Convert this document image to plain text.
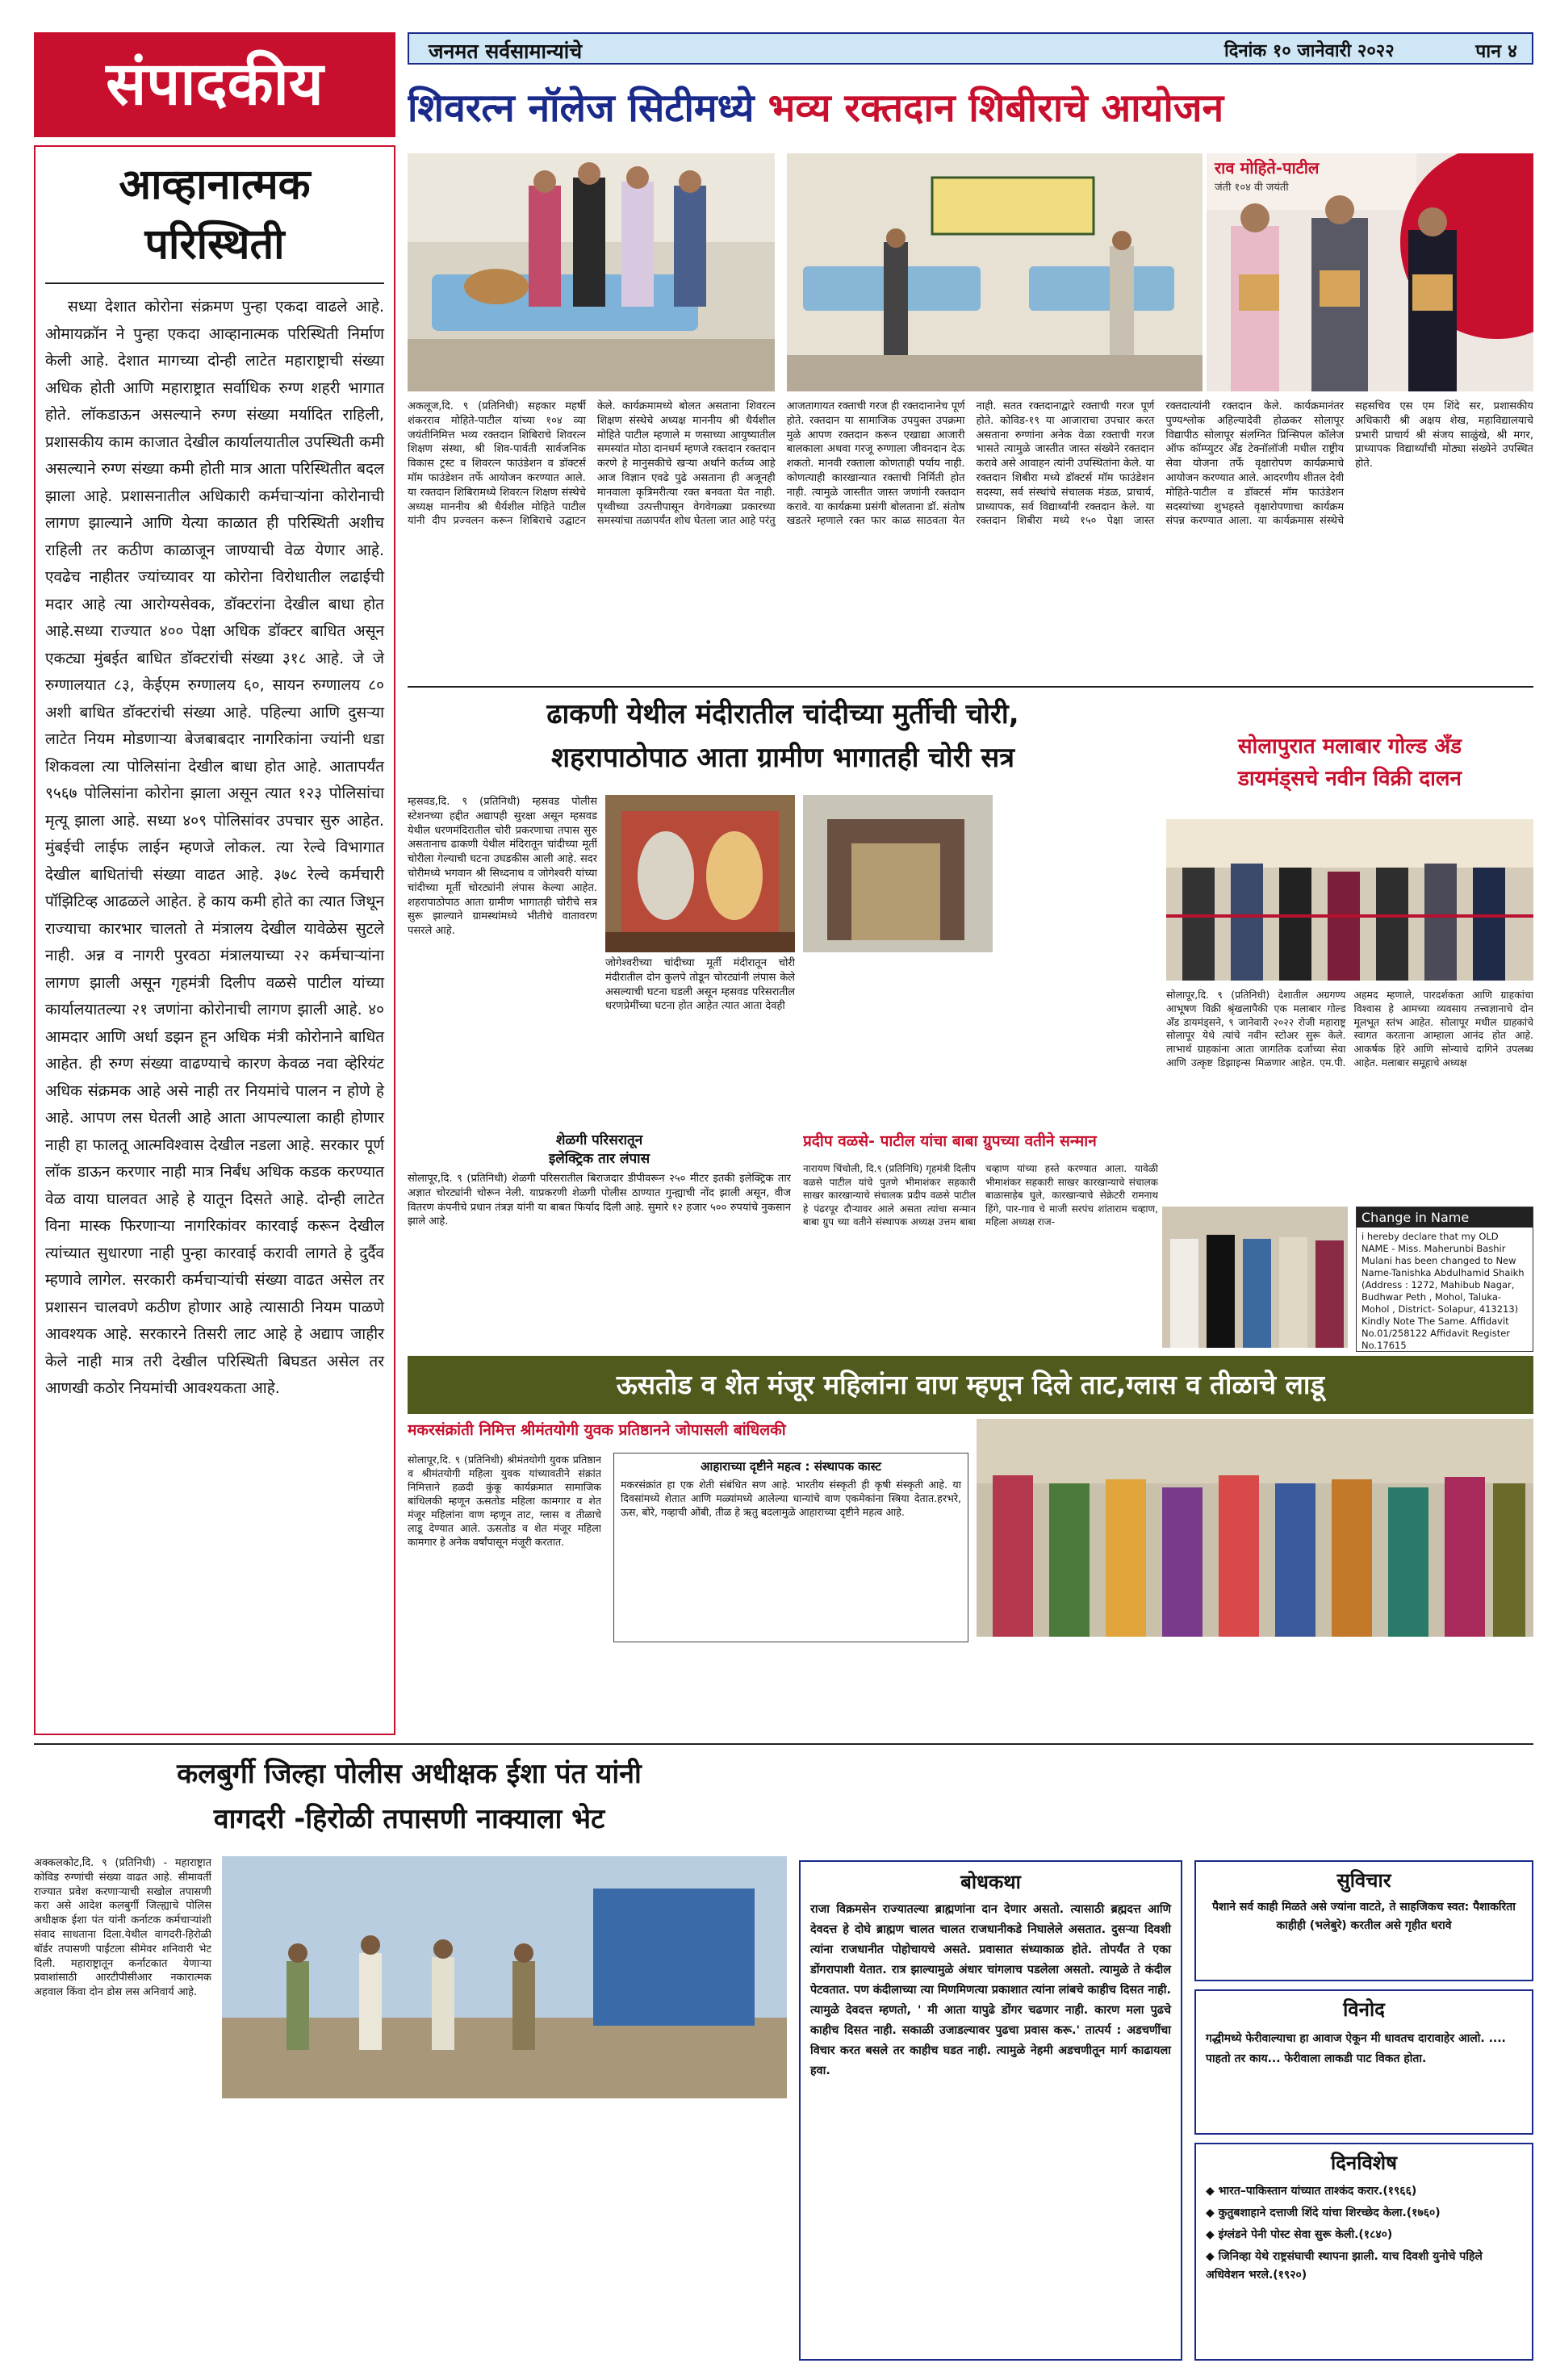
जनमत सर्वसामान्यांचे	दिनांक १० जानेवारी २०२२	पान ४
संपादकीय
आव्हानात्मक
परिस्थिती
सध्या देशात कोरोना संक्रमण पुन्हा एकदा वाढले आहे. ओमायक्रॉन ने पुन्हा एकदा आव्हानात्मक परिस्थिती निर्माण केली आहे. देशात मागच्या दोन्ही लाटेत महाराष्ट्राची संख्या अधिक होती आणि महाराष्ट्रात सर्वाधिक रुग्ण शहरी भागात होते. लॉकडाऊन असल्याने रुग्ण संख्या मर्यादित राहिली, प्रशासकीय काम काजात देखील कार्यालयातील उपस्थिती कमी असल्याने रुग्ण संख्या कमी होती मात्र आता परिस्थितीत बदल झाला आहे. प्रशासनातील अधिकारी कर्मचाऱ्यांना कोरोनाची लागण झाल्याने आणि येत्या काळात ही परिस्थिती अशीच राहिली तर कठीण काळाजून जाण्याची वेळ येणार आहे. एवढेच नाहीतर ज्यांच्यावर या कोरोना विरोधातील लढाईची मदार आहे त्या आरोग्यसेवक, डॉक्टरांना देखील बाधा होत आहे.सध्या राज्यात ४०० पेक्षा अधिक डॉक्टर बाधित असून एकट्या मुंबईत बाधित डॉक्टरांची संख्या ३१८ आहे. जे जे रुग्णालयात ८३, केईएम रुग्णालय ६०, सायन रुग्णालय ८० अशी बाधित डॉक्टरांची संख्या आहे. पहिल्या आणि दुसऱ्या लाटेत नियम मोडणाऱ्या बेजबाबदार नागरिकांना ज्यांनी धडा शिकवला त्या पोलिसांना देखील बाधा होत आहे. आतापर्यंत ९५६७ पोलिसांना कोरोना झाला असून त्यात १२३ पोलिसांचा मृत्यू झाला आहे. सध्या ४०९ पोलिसांवर उपचार सुरु आहेत. मुंबईची लाईफ लाईन म्हणजे लोकल. त्या रेल्वे विभागात देखील बाधितांची संख्या वाढत आहे. ३७८ रेल्वे कर्मचारी पॉझिटिव्ह आढळले आहेत. हे काय कमी होते का त्यात जिथून राज्याचा कारभार चालतो ते मंत्रालय देखील यावेळेस सुटले नाही. अन्न व नागरी पुरवठा मंत्रालयाच्या २२ कर्मचाऱ्यांना लागण झाली असून गृहमंत्री दिलीप वळसे पाटील यांच्या कार्यालयातल्या २१ जणांना कोरोनाची लागण झाली आहे. ४० आमदार आणि अर्धा डझन हून अधिक मंत्री कोरोनाने बाधित आहेत. ही रुग्ण संख्या वाढण्याचे कारण केवळ नवा व्हेरियंट अधिक संक्रमक आहे असे नाही तर नियमांचे पालन न होणे हे आहे. आपण लस घेतली आहे आता आपल्याला काही होणार नाही हा फालतू आत्मविश्वास देखील नडला आहे. सरकार पूर्ण लॉक डाऊन करणार नाही मात्र निर्बंध अधिक कडक करण्यात वेळ वाया घालवत आहे हे यातून दिसते आहे. दोन्ही लाटेत विना मास्क फिरणाऱ्या नागरिकांवर कारवाई करून देखील त्यांच्यात सुधारणा नाही पुन्हा कारवाई करावी लागते हे दुर्दैव म्हणावे लागेल. सरकारी कर्मचाऱ्यांची संख्या वाढत असेल तर प्रशासन चालवणे कठीण होणार आहे त्यासाठी नियम पाळणे आवश्यक आहे. सरकारने तिसरी लाट आहे हे अद्याप जाहीर केले नाही मात्र तरी देखील परिस्थिती बिघडत असेल तर आणखी कठोर नियमांची आवश्यकता आहे.
शिवरत्न नॉलेज सिटीमध्ये भव्य रक्तदान शिबीराचे आयोजन
राव मोहिते-पाटील
जंती १०४ वी जयंती
अकलूज,दि. ९ (प्रतिनिधी) सहकार महर्षी शंकरराव मोहिते-पाटील यांच्या १०४ व्या जयंतीनिमित्त भव्य रक्तदान शिबिराचे शिवरत्न शिक्षण संस्था, श्री शिव-पार्वती सार्वजनिक विकास ट्रस्ट व शिवरत्न फाउंडेशन व डॉक्टर्स मॉम फाउंडेशन तर्फे आयोजन करण्यात आले. या रक्तदान शिबिरामध्ये शिवरत्न शिक्षण संस्थेचे अध्यक्ष माननीय श्री धैर्यशील मोहिते पाटील यांनी दीप प्रज्वलन करून शिबिराचे उद्घाटन केले. कार्यक्रमामध्ये बोलत असताना शिवरत्न शिक्षण संस्थेचे अध्यक्ष माननीय श्री धैर्यशील मोहिते पाटील म्हणाले म णसाच्या आयुष्यातील समस्यांत मोठा दानधर्म म्हणजे रक्तदान रक्तदान करणे हे मानुसकीचे खऱ्या अर्थाने कर्तव्य आहे आज विज्ञान एवढे पुढे असताना ही अजूनही मानवाला कृत्रिमरीत्या रक्त बनवता येत नाही. पृथ्वीच्या उत्पत्तीपासून वेगवेगळ्या प्रकारच्या समस्यांचा तळापर्यंत शोध घेतला जात आहे परंतु आजतागायत रक्ताची गरज ही रक्तदानानेच पूर्ण होते. रक्तदान या सामाजिक उपयुक्त उपक्रमा मुळे आपण रक्तदान करून एखाद्या आजारी बालकाला अथवा गरजू रुग्णाला जीवनदान देऊ शकतो. मानवी रक्ताला कोणताही पर्याय नाही. कोणत्याही कारखान्यात रक्ताची निर्मिती होत नाही. त्यामुळे जास्तीत जास्त जणांनी रक्तदान करावे. या कार्यक्रमा प्रसंगी बोलताना डॉ. संतोष खडतरे म्हणाले रक्त फार काळ साठवता येत नाही. सतत रक्तदानाद्वारे रक्ताची गरज पूर्ण होते. कोविड-१९ या आजाराचा उपचार करत असताना रुग्णांना अनेक वेळा रक्ताची गरज भासते त्यामुळे जास्तीत जास्त संख्येने रक्तदान करावे असे आवाहन त्यांनी उपस्थितांना केले. या रक्तदान शिबीरा मध्ये डॉक्टर्स मॉम फाउंडेशन सदस्या, सर्व संस्थांचे संचालक मंडळ, प्राचार्य, प्राध्यापक, सर्व विद्यार्थ्यांनी रक्तदान केले. या रक्तदान शिबीरा मध्ये १५० पेक्षा जास्त रक्तदात्यांनी रक्तदान केले. कार्यक्रमानंतर पुण्यश्लोक अहिल्यादेवी होळकर सोलापूर विद्यापीठ सोलापूर संलग्नित प्रिन्सिपल कॉलेज ऑफ कॉम्प्युटर अँड टेक्नॉलॉजी मधील राष्ट्रीय सेवा योजना तर्फे वृक्षारोपण कार्यक्रमाचे आयोजन करण्यात आले. आदरणीय शीतल देवी मोहिते-पाटील व डॉक्टर्स मॉम फाउंडेशन सदस्यांच्या शुभहस्ते वृक्षारोपणाचा कार्यक्रम संपन्न करण्यात आला. या कार्यक्रमास संस्थेचे सहसचिव एस एम शिंदे सर, प्रशासकीय अधिकारी श्री अक्षय शेख, महाविद्यालयाचे प्रभारी प्राचार्य श्री संजय साळुंखे, श्री मगर, प्राध्यापक विद्यार्थ्यांची मोठ्या संख्येने उपस्थित होते.
ढाकणी येथील मंदीरातील चांदीच्या मुर्तीची चोरी,
शहरापाठोपाठ आता ग्रामीण भागातही चोरी सत्र
म्हसवड,दि. ९ (प्रतिनिधी) म्हसवड पोलीस स्टेशनच्या हद्दीत अद्यापही सुरक्षा असून म्हसवड येथील धरणमंदिरातील चोरी प्रकरणाचा तपास सुरु असतानाच ढाकणी येथील मंदिरातून चांदीच्या मूर्ती चोरीला गेल्याची घटना उघडकीस आली आहे. सदर चोरीमध्ये भगवान श्री सिध्दनाथ व जोगेश्वरी यांच्या चांदीच्या मूर्ती चोरट्यांनी लंपास केल्या आहेत. शहरापाठोपाठ आता ग्रामीण भागातही चोरीचे सत्र सुरू झाल्याने ग्रामस्थांमध्ये भीतीचे वातावरण पसरले आहे.
जोगेश्वरीच्या चांदीच्या मूर्ती मंदीरातून चोरी मंदीरातील दोन कुलपे तोडून चोरट्यांनी लंपास केले असल्याची घटना घडली असून म्हसवड परिसरातील धरणप्रेमींच्या घटना होत आहेत त्यात आता देवही
शेळगी परिसरातून
इलेक्ट्रिक तार लंपास
सोलापूर,दि. ९ (प्रतिनिधी) शेळगी परिसरातील बिराजदार डीपीवरून २५० मीटर इतकी इलेक्ट्रिक तार अज्ञात चोरट्यांनी चोरून नेली. याप्रकरणी शेळगी पोलीस ठाण्यात गुन्ह्याची नोंद झाली असून, वीज वितरण कंपनीचे प्रधान तंत्रज्ञ यांनी या बाबत फिर्याद दिली आहे. सुमारे १२ हजार ५०० रुपयांचे नुकसान झाले आहे.
प्रदीप वळसे- पाटील यांचा बाबा ग्रुपच्या वतीने सन्मान
नारायण चिंचोली, दि.९ (प्रतिनिधि) गृहमंत्री दिलीप वळसे पाटील यांचे पुतणे भीमाशंकर सहकारी साखर कारखान्याचे संचालक प्रदीप वळसे पाटील हे पंढरपूर दौऱ्यावर आले असता त्यांचा सन्मान बाबा ग्रुप च्या वतीने संस्थापक अध्यक्ष उत्तम बाबा चव्हाण यांच्या हस्ते करण्यात आला. यावेळी भीमाशंकर सहकारी साखर कारखान्याचे संचालक बाळासाहेब घुले, कारखान्याचे सेक्रेटरी रामनाथ हिंगे, पार-गाव चे माजी सरपंच शांताराम चव्हाण, महिला अध्यक्ष राज-
सोलापुरात मलाबार गोल्ड अँड
डायमंड्सचे नवीन विक्री दालन
सोलापूर,दि. ९ (प्रतिनिधी) देशातील अग्रगण्य आभूषण विक्री श्रृंखलापैकी एक मलाबार गोल्ड अँड डायमंड्सने, ९ जानेवारी २०२२ रोजी महाराष्ट्र सोलापूर येथे त्यांचे नवीन स्टोअर सुरू केले. लाभार्थ ग्राहकांना आता जागतिक दर्जाच्या सेवा आणि उत्कृष्ट डिझाइन्स मिळणार आहेत. एम.पी. अहमद म्हणाले, पारदर्शकता आणि ग्राहकांचा विश्वास हे आमच्या व्यवसाय तत्त्वज्ञानाचे दोन मूलभूत स्तंभ आहेत. सोलापूर मधील ग्राहकांचे स्वागत करताना आम्हाला आनंद होत आहे. आकर्षक हिरे आणि सोन्याचे दागिने उपलब्ध आहेत. मलाबार समूहाचे अध्यक्ष
Change in Name
i hereby declare that my OLD NAME - Miss. Maherunbi Bashir Mulani has been changed to New Name-Tanishka Abdulhamid Shaikh (Address : 1272, Mahibub Nagar, Budhwar Peth , Mohol, Taluka- Mohol , District- Solapur, 413213) Kindly Note The Same. Affidavit No.01/258122 Affidavit Register No.17615
ऊसतोड व शेत मंजूर महिलांना वाण म्हणून दिले ताट,ग्लास व तीळाचे लाडू
मकरसंक्रांती निमित्त श्रीमंतयोगी युवक प्रतिष्ठानने जोपासली बांधिलकी
सोलापूर,दि. ९ (प्रतिनिधी) श्रीमंतयोगी युवक प्रतिष्ठान व श्रीमंतयोगी महिला युवक यांच्यावतीने संक्रांत निमित्ताने हळदी कुंकू कार्यक्रमात सामाजिक बांधिलकी म्हणून ऊसतोड महिला कामगार व शेत मंजूर महिलांना वाण म्हणून ताट, ग्लास व तीळाचे लाडू देण्यात आले. ऊसतोड व शेत मंजूर महिला कामगार हे अनेक वर्षांपासून मंजूरी करतात.
आहाराच्या दृष्टीने महत्व : संस्थापक कास्ट
मकरसंक्रांत हा एक शेती संबंधित सण आहे. भारतीय संस्कृती ही कृषी संस्कृती आहे. या दिवसांमध्ये शेतात आणि मळ्यांमध्ये आलेल्या धान्यांचे वाण एकमेकांना स्त्रिया देतात.हरभरे, ऊस, बोरे, गव्हाची ओंबी, तीळ हे ऋतु बदलामुळे आहाराच्या दृष्टीने महत्व आहे.
कलबुर्गी जिल्हा पोलीस अधीक्षक ईशा पंत यांनी
वागदरी -हिरोळी तपासणी नाक्याला भेट
अक्कलकोट,दि. ९ (प्रतिनिधी) - महाराष्ट्रात कोविड रुग्णांची संख्या वाढत आहे. सीमावर्ती राज्यात प्रवेश करणाऱ्याची सखोल तपासणी करा असे आदेश कलबुर्गी जिल्ह्याचे पोलिस अधीक्षक ईशा पंत यांनी कर्नाटक कर्मचाऱ्यांशी संवाद साधताना दिला.येथील वागदरी-हिरोळी बॉर्डर तपासणी पाईंटला सीमेवर शनिवारी भेट दिली. महाराष्ट्रातून कर्नाटकात येणाऱ्या प्रवाशांसाठी आरटीपीसीआर नकारात्मक अहवाल किंवा दोन डोस लस अनिवार्य आहे.
बोधकथा
राजा विक्रमसेन राज्यातल्या ब्राह्मणांना दान देणार असतो. त्यासाठी ब्रह्मदत्त आणि देवदत्त हे दोघे ब्राह्मण चालत चालत राजधानीकडे निघालेले असतात. दुसऱ्या दिवशी त्यांना राजधानीत पोहोचायचे असते. प्रवासात संध्याकाळ होते. तोपर्यंत ते एका डोंगरापाशी येतात. रात्र झाल्यामुळे अंधार चांगलाच पडलेला असतो. त्यामुळे ते कंदील पेटवतात. पण कंदीलाच्या त्या मिणमिणत्या प्रकाशात त्यांना लांबचे काहीच दिसत नाही. त्यामुळे देवदत्त म्हणतो, ' मी आता यापुढे डोंगर चढणार नाही. कारण मला पुढचे काहीच दिसत नाही. सकाळी उजाडल्यावर पुढचा प्रवास करू.' तात्पर्य : अडचणींचा विचार करत बसले तर काहीच घडत नाही. त्यामुळे नेहमी अडचणीतून मार्ग काढायला हवा.
सुविचार
पैशाने सर्व काही मिळते असे ज्यांना वाटते, ते साहजिकच स्वत: पैशाकरिता काहीही (भलेबुरे) करतील असे गृहीत धरावे
विनोद
गद्धीमध्ये फेरीवाल्याचा हा आवाज ऐकून मी धावतच दारावाहेर आलो. .... पाहतो तर काय... फेरीवाला लाकडी पाट विकत होता.
दिनविशेष
◆ भारत–पाकिस्तान यांच्यात ताश्कंद करार.(१९६६)
◆ कुतुबशाहाने दत्ताजी शिंदे यांचा शिरच्छेद केला.(१७६०)
◆ इंग्लंडने पेनी पोस्ट सेवा सुरू केली.(१८४०)
◆ जिनिव्हा येथे राष्ट्रसंघाची स्थापना झाली. याच दिवशी युनोचे पहिले अधिवेशन भरले.(१९२०)
